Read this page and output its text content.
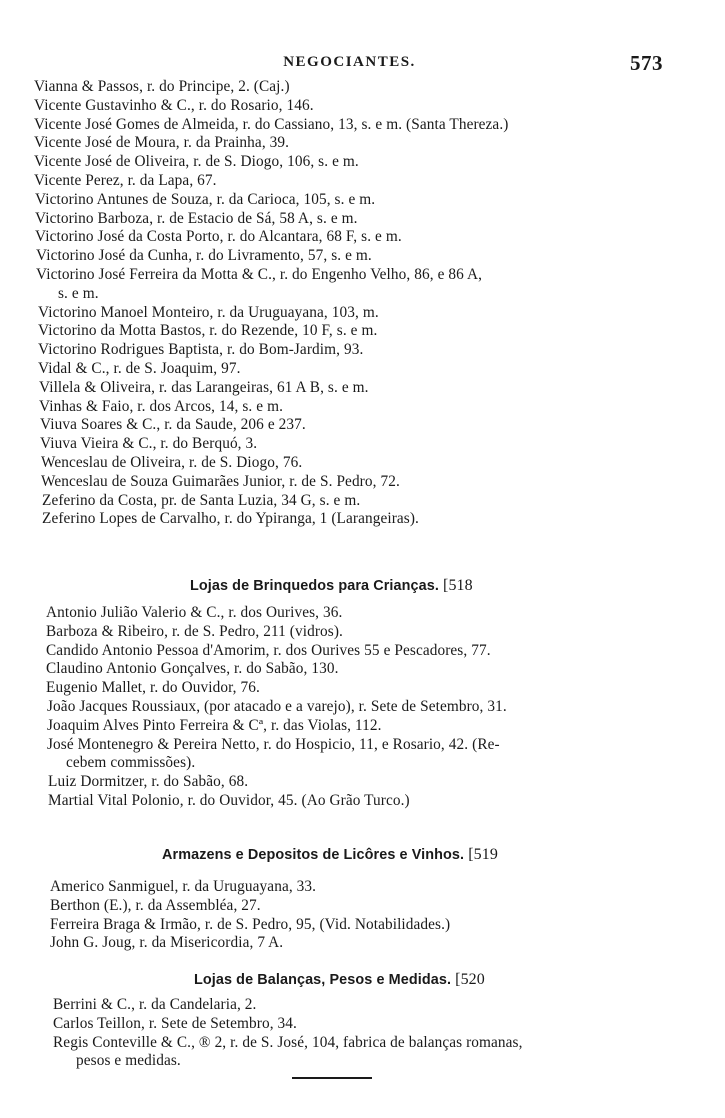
NEGOCIANTES.	573
Vianna & Passos, r. do Principe, 2. (Caj.)
Vicente Gustavinho & C., r. do Rosario, 146.
Vicente José Gomes de Almeida, r. do Cassiano, 13, s. e m. (Santa Thereza.)
Vicente José de Moura, r. da Prainha, 39.
Vicente José de Oliveira, r. de S. Diogo, 106, s. e m.
Vicente Perez, r. da Lapa, 67.
Victorino Antunes de Souza, r. da Carioca, 105, s. e m.
Victorino Barboza, r. de Estacio de Sá, 58 A, s. e m.
Victorino José da Costa Porto, r. do Alcantara, 68 F, s. e m.
Victorino José da Cunha, r. do Livramento, 57, s. e m.
Victorino José Ferreira da Motta & C., r. do Engenho Velho, 86, e 86 A,
s. e m.
Victorino Manoel Monteiro, r. da Uruguayana, 103, m.
Victorino da Motta Bastos, r. do Rezende, 10 F, s. e m.
Victorino Rodrigues Baptista, r. do Bom-Jardim, 93.
Vidal & C., r. de S. Joaquim, 97.
Villela & Oliveira, r. das Larangeiras, 61 A B, s. e m.
Vinhas & Faio, r. dos Arcos, 14, s. e m.
Viuva Soares & C., r. da Saude, 206 e 237.
Viuva Vieira & C., r. do Berquó, 3.
Wenceslau de Oliveira, r. de S. Diogo, 76.
Wenceslau de Souza Guimarães Junior, r. de S. Pedro, 72.
Zeferino da Costa, pr. de Santa Luzia, 34 G, s. e m.
Zeferino Lopes de Carvalho, r. do Ypiranga, 1 (Larangeiras).
Lojas de Brinquedos para Crianças. [518
Antonio Julião Valerio & C., r. dos Ourives, 36.
Barboza & Ribeiro, r. de S. Pedro, 211 (vidros).
Candido Antonio Pessoa d'Amorim, r. dos Ourives 55 e Pescadores, 77.
Claudino Antonio Gonçalves, r. do Sabão, 130.
Eugenio Mallet, r. do Ouvidor, 76.
João Jacques Roussiaux, (por atacado e a varejo), r. Sete de Setembro, 31.
Joaquim Alves Pinto Ferreira & Cª, r. das Violas, 112.
José Montenegro & Pereira Netto, r. do Hospicio, 11, e Rosario, 42. (Re-
cebem commissões).
Luiz Dormitzer, r. do Sabão, 68.
Martial Vital Polonio, r. do Ouvidor, 45. (Ao Grão Turco.)
Armazens e Depositos de Licôres e Vinhos. [519
Americo Sanmiguel, r. da Uruguayana, 33.
Berthon (E.), r. da Assembléa, 27.
Ferreira Braga & Irmão, r. de S. Pedro, 95, (Vid. Notabilidades.)
John G. Joug, r. da Misericordia, 7 A.
Lojas de Balanças, Pesos e Medidas. [520
Berrini & C., r. da Candelaria, 2.
Carlos Teillon, r. Sete de Setembro, 34.
Regis Conteville & C., ® 2, r. de S. José, 104, fabrica de balanças romanas,
pesos e medidas.
